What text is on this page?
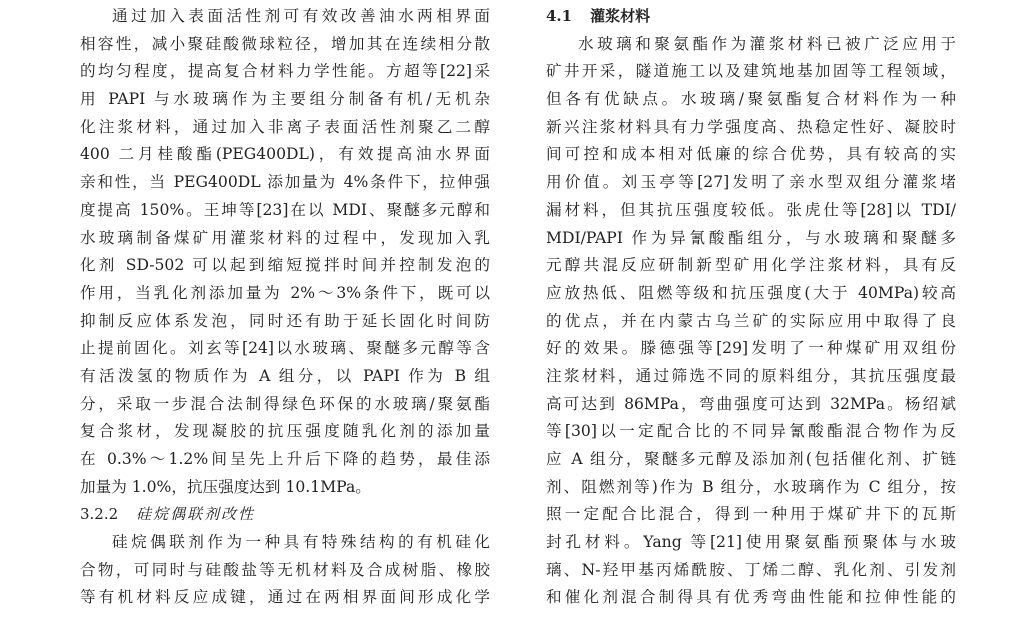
通过加入表面活性剂可有效改善油水两相界面
相容性，减小聚硅酸微球粒径，增加其在连续相分散
的均匀程度，提高复合材料力学性能。方超等[22]采
用 PAPI 与水玻璃作为主要组分制备有机/无机杂
化注浆材料，通过加入非离子表面活性剂聚乙二醇
400 二月桂酸酯(PEG400DL)，有效提高油水界面
亲和性，当 PEG400DL 添加量为 4%条件下，拉伸强
度提高 150%。王坤等[23]在以 MDI、聚醚多元醇和
水玻璃制备煤矿用灌浆材料的过程中，发现加入乳
化剂 SD-502 可以起到缩短搅拌时间并控制发泡的
作用，当乳化剂添加量为 2%～3%条件下，既可以
抑制反应体系发泡，同时还有助于延长固化时间防
止提前固化。刘玄等[24]以水玻璃、聚醚多元醇等含
有活泼氢的物质作为 A 组分，以 PAPI 作为 B 组
分，采取一步混合法制得绿色环保的水玻璃/聚氨酯
复合浆材，发现凝胶的抗压强度随乳化剂的添加量
在 0.3%～1.2%间呈先上升后下降的趋势，最佳添
加量为 1.0%，抗压强度达到 10.1MPa。
3.2.2 硅烷偶联剂改性
硅烷偶联剂作为一种具有特殊结构的有机硅化
合物，可同时与硅酸盐等无机材料及合成树脂、橡胶
等有机材料反应成键，通过在两相界面间形成化学
4.1 灌浆材料
水玻璃和聚氨酯作为灌浆材料已被广泛应用于
矿井开采，隧道施工以及建筑地基加固等工程领域，
但各有优缺点。水玻璃/聚氨酯复合材料作为一种
新兴注浆材料具有力学强度高、热稳定性好、凝胶时
间可控和成本相对低廉的综合优势，具有较高的实
用价值。刘玉亭等[27]发明了亲水型双组分灌浆堵
漏材料，但其抗压强度较低。张虎仕等[28]以 TDI/
MDI/PAPI 作为异氰酸酯组分，与水玻璃和聚醚多
元醇共混反应研制新型矿用化学注浆材料，具有反
应放热低、阻燃等级和抗压强度(大于 40MPa)较高
的优点，并在内蒙古乌兰矿的实际应用中取得了良
好的效果。滕德强等[29]发明了一种煤矿用双组份
注浆材料，通过筛选不同的原料组分，其抗压强度最
高可达到 86MPa，弯曲强度可达到 32MPa。杨绍斌
等[30]以一定配合比的不同异氰酸酯混合物作为反
应 A 组分，聚醚多元醇及添加剂(包括催化剂、扩链
剂、阻燃剂等)作为 B 组分，水玻璃作为 C 组分，按
照一定配合比混合，得到一种用于煤矿井下的瓦斯
封孔材料。Yang 等[21]使用聚氨酯预聚体与水玻
璃、N-羟甲基丙烯酰胺、丁烯二醇、乳化剂、引发剂
和催化剂混合制得具有优秀弯曲性能和拉伸性能的
